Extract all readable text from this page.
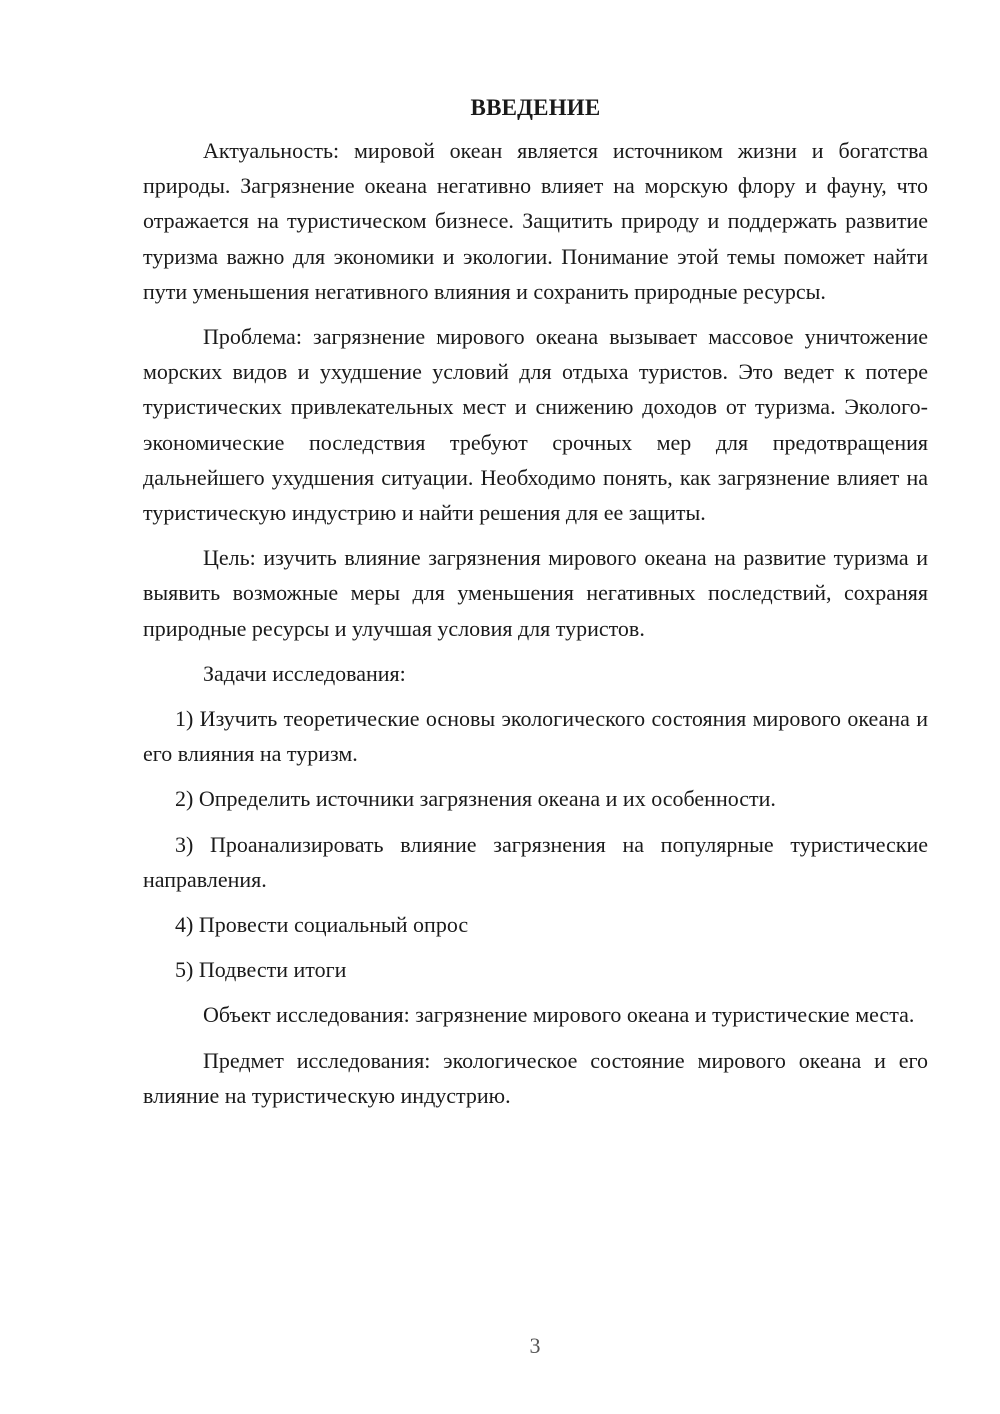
ВВЕДЕНИЕ

Актуальность: мировой океан является источником жизни и богатства природы. Загрязнение океана негативно влияет на морскую флору и фауну, что отражается на туристическом бизнесе. Защитить природу и поддержать развитие туризма важно для экономики и экологии. Понимание этой темы поможет найти пути уменьшения негативного влияния и сохранить природные ресурсы.

Проблема: загрязнение мирового океана вызывает массовое уничтожение морских видов и ухудшение условий для отдыха туристов. Это ведет к потере туристических привлекательных мест и снижению доходов от туризма. Эколого-экономические последствия требуют срочных мер для предотвращения дальнейшего ухудшения ситуации. Необходимо понять, как загрязнение влияет на туристическую индустрию и найти решения для ее защиты.

Цель: изучить влияние загрязнения мирового океана на развитие туризма и выявить возможные меры для уменьшения негативных последствий, сохраняя природные ресурсы и улучшая условия для туристов.

Задачи исследования:

1) Изучить теоретические основы экологического состояния мирового океана и его влияния на туризм.

2) Определить источники загрязнения океана и их особенности.

3) Проанализировать влияние загрязнения на популярные туристические направления.

4) Провести социальный опрос

5) Подвести итоги

Объект исследования: загрязнение мирового океана и туристические места.

Предмет исследования: экологическое состояние мирового океана и его влияние на туристическую индустрию.

3
